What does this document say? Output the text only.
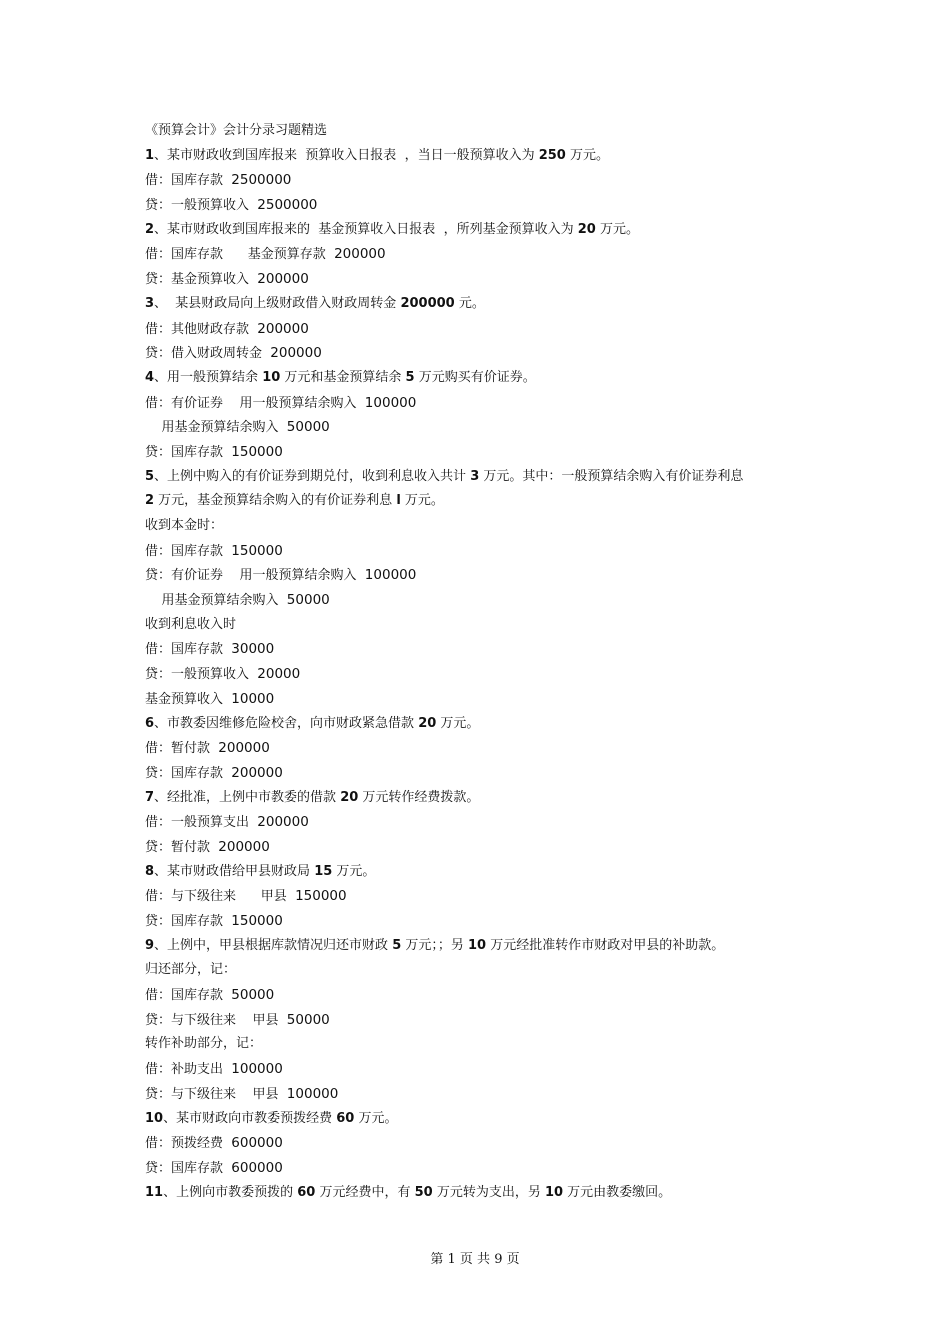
《预算会计》会计分录习题精选
1、某市财政收到国库报来  预算收入日报表  ，当日一般预算收入为 250 万元。
借：国库存款  2500000
贷：一般预算收入  2500000
2、某市财政收到国库报来的  基金预算收入日报表  ，所列基金预算收入为 20 万元。
借：国库存款      基金预算存款  200000
贷：基金预算收入  200000
3、  某县财政局向上级财政借入财政周转金 200000 元。
借：其他财政存款  200000
贷：借入财政周转金  200000
4、用一般预算结余 10 万元和基金预算结余 5 万元购买有价证券。
借：有价证券    用一般预算结余购入  100000
用基金预算结余购入  50000
贷：国库存款  150000
5、上例中购入的有价证券到期兑付，收到利息收入共计 3 万元。其中：一般预算结余购入有价证券利息
2 万元，基金预算结余购入的有价证券利息 l 万元。
收到本金时：
借：国库存款  150000
贷：有价证券    用一般预算结余购入  100000
用基金预算结余购入  50000
收到利息收入时
借：国库存款  30000
贷：一般预算收入  20000
基金预算收入  10000
6、市教委因维修危险校舍，向市财政紧急借款 20 万元。
借：暂付款  200000
贷：国库存款  200000
7、经批准，上例中市教委的借款 20 万元转作经费拨款。
借：一般预算支出  200000
贷：暂付款  200000
8、某市财政借给甲县财政局 15 万元。
借：与下级往来      甲县  150000
贷：国库存款  150000
9、上例中，甲县根据库款情况归还市财政 5 万元；；另 10 万元经批准转作市财政对甲县的补助款。
归还部分，记：
借：国库存款  50000
贷：与下级往来    甲县  50000
转作补助部分，记：
借：补助支出  100000
贷：与下级往来    甲县  100000
10、某市财政向市教委预拨经费 60 万元。
借：预拨经费  600000
贷：国库存款  600000
11、上例向市教委预拨的 60 万元经费中，有 50 万元转为支出，另 10 万元由教委缴回。
第 1 页 共 9 页
